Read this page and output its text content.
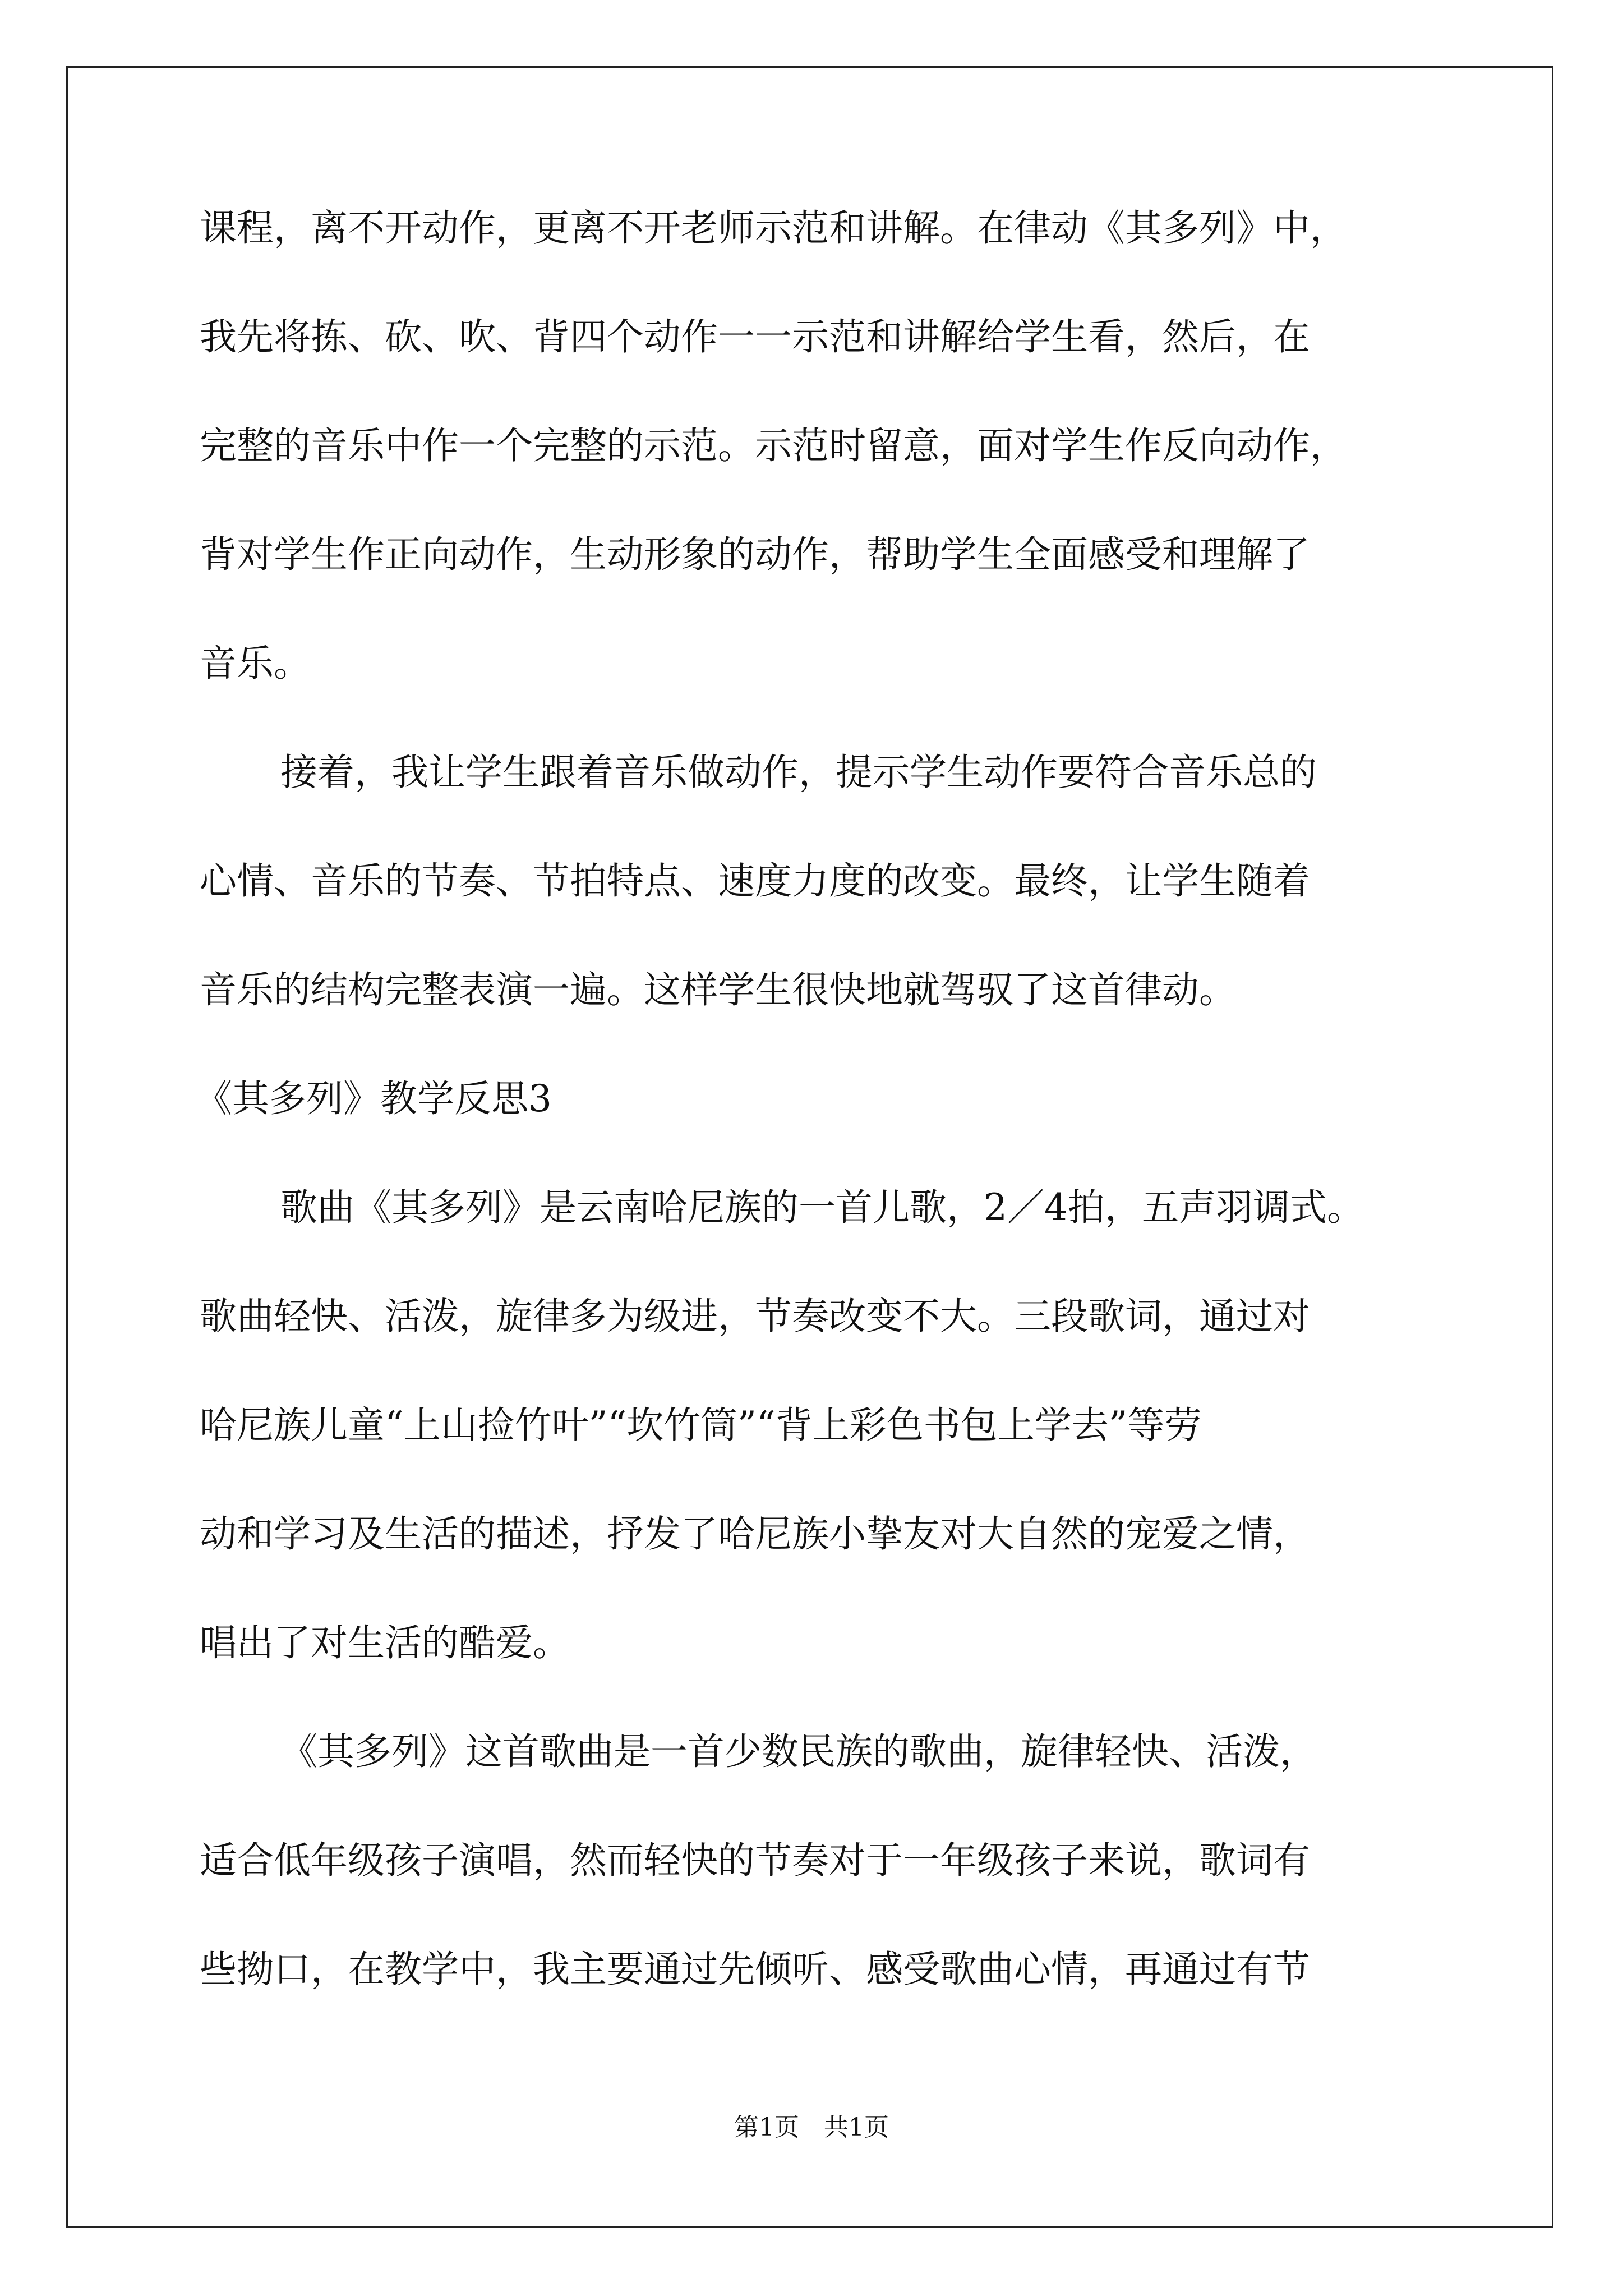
课程，离不开动作，更离不开老师示范和讲解。在律动《其多列》中，
我先将拣、砍、吹、背四个动作一一示范和讲解给学生看，然后，在
完整的音乐中作一个完整的示范。示范时留意，面对学生作反向动作，
背对学生作正向动作，生动形象的动作，帮助学生全面感受和理解了
音乐。
接着，我让学生跟着音乐做动作，提示学生动作要符合音乐总的
心情、音乐的节奏、节拍特点、速度力度的改变。最终，让学生随着
音乐的结构完整表演一遍。这样学生很快地就驾驭了这首律动。
《其多列》教学反思3
歌曲《其多列》是云南哈尼族的一首儿歌，2／4拍，五声羽调式。
歌曲轻快、活泼，旋律多为级进，节奏改变不大。三段歌词，通过对
哈尼族儿童“上山捡竹叶”“坎竹筒”“背上彩色书包上学去”等劳
动和学习及生活的描述，抒发了哈尼族小挚友对大自然的宠爱之情，
唱出了对生活的酷爱。
《其多列》这首歌曲是一首少数民族的歌曲，旋律轻快、活泼，
适合低年级孩子演唱，然而轻快的节奏对于一年级孩子来说，歌词有
些拗口，在教学中，我主要通过先倾听、感受歌曲心情，再通过有节
第1页　共1页
